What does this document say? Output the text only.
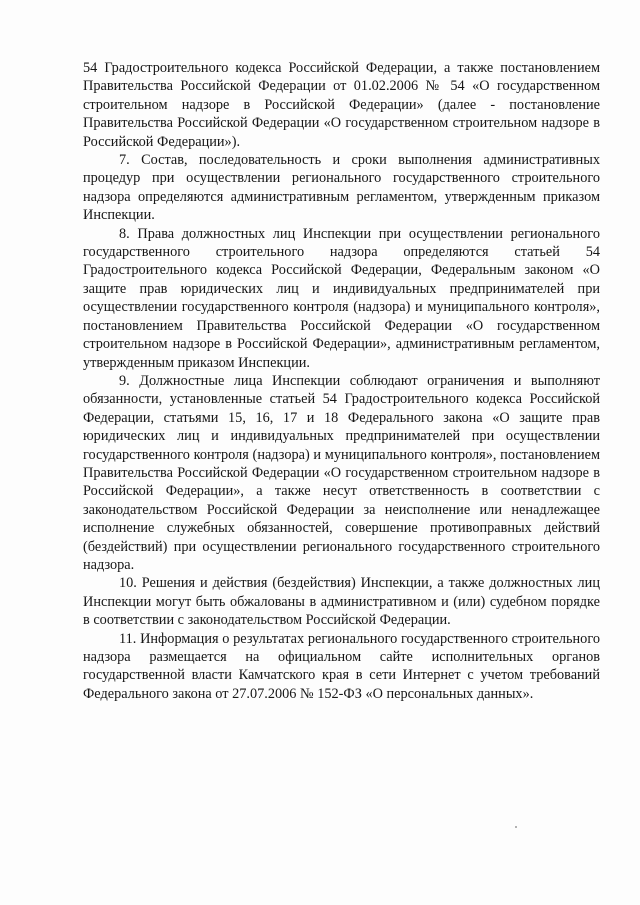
54 Градостроительного кодекса Российской Федерации, а также постановлением Правительства Российской Федерации от 01.02.2006 № 54 «О государственном строительном надзоре в Российской Федерации» (далее - постановление Правительства Российской Федерации «О государственном строительном надзоре в Российской Федерации»).

7. Состав, последовательность и сроки выполнения административных процедур при осуществлении регионального государственного строительного надзора определяются административным регламентом, утвержденным приказом Инспекции.

8. Права должностных лиц Инспекции при осуществлении регионального государственного строительного надзора определяются статьей 54 Градостроительного кодекса Российской Федерации, Федеральным законом «О защите прав юридических лиц и индивидуальных предпринимателей при осуществлении государственного контроля (надзора) и муниципального контроля», постановлением Правительства Российской Федерации «О государственном строительном надзоре в Российской Федерации», административным регламентом, утвержденным приказом Инспекции.

9. Должностные лица Инспекции соблюдают ограничения и выполняют обязанности, установленные статьей 54 Градостроительного кодекса Российской Федерации, статьями 15, 16, 17 и 18 Федерального закона «О защите прав юридических лиц и индивидуальных предпринимателей при осуществлении государственного контроля (надзора) и муниципального контроля», постановлением Правительства Российской Федерации «О государственном строительном надзоре в Российской Федерации», а также несут ответственность в соответствии с законодательством Российской Федерации за неисполнение или ненадлежащее исполнение служебных обязанностей, совершение противоправных действий (бездействий) при осуществлении регионального государственного строительного надзора.

10. Решения и действия (бездействия) Инспекции, а также должностных лиц Инспекции могут быть обжалованы в административном и (или) судебном порядке в соответствии с законодательством Российской Федерации.

11. Информация о результатах регионального государственного строительного надзора размещается на официальном сайте исполнительных органов государственной власти Камчатского края в сети Интернет с учетом требований Федерального закона от 27.07.2006 № 152-ФЗ «О персональных данных».
